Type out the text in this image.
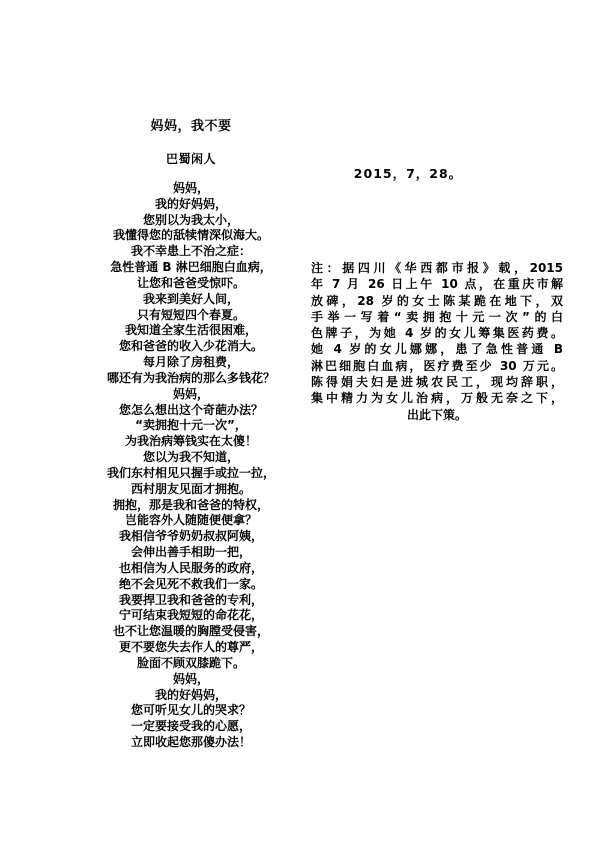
妈妈，我不要
巴蜀闲人
妈妈，
我的好妈妈，
您别以为我太小，
我懂得您的舐犊情深似海大。
我不幸患上不治之症：
急性普通 B 淋巴细胞白血病，
让您和爸爸受惊吓。
我来到美好人间，
只有短短四个春夏。
我知道全家生活很困难，
您和爸爸的收入少花消大。
每月除了房租费，
哪还有为我治病的那么多钱花？
妈妈，
您怎么想出这个奇葩办法？
“卖拥抱十元一次”，
为我治病筹钱实在太傻！
您以为我不知道，
我们东村相见只握手或拉一拉，
西村朋友见面才拥抱。
拥抱，那是我和爸爸的特权，
岂能容外人随随便便拿？
我相信爷爷奶奶叔叔阿姨，
会伸出善手相助一把，
也相信为人民服务的政府，
绝不会见死不救我们一家。
我要捍卫我和爸爸的专利，
宁可结束我短短的命花花，
也不让您温暖的胸膛受侵害，
更不要您失去作人的尊严，
脸面不顾双膝跪下。
妈妈，
我的好妈妈，
您可听见女儿的哭求？
一定要接受我的心愿，
立即收起您那傻办法！
2015，7，28。
注：据四川《华西都市报》载，2015
年 7 月 26 日上午 10 点，在重庆市解
放碑，28 岁的女士陈某跪在地下，双
手举一写着“卖拥抱十元一次”的白
色牌子，为她 4 岁的女儿筹集医药费。
她 4 岁的女儿娜娜，患了急性普通 B
淋巴细胞白血病，医疗费至少 30 万元。
陈得娟夫妇是进城农民工，现均辞职，
集中精力为女儿治病，万般无奈之下，
出此下策。
